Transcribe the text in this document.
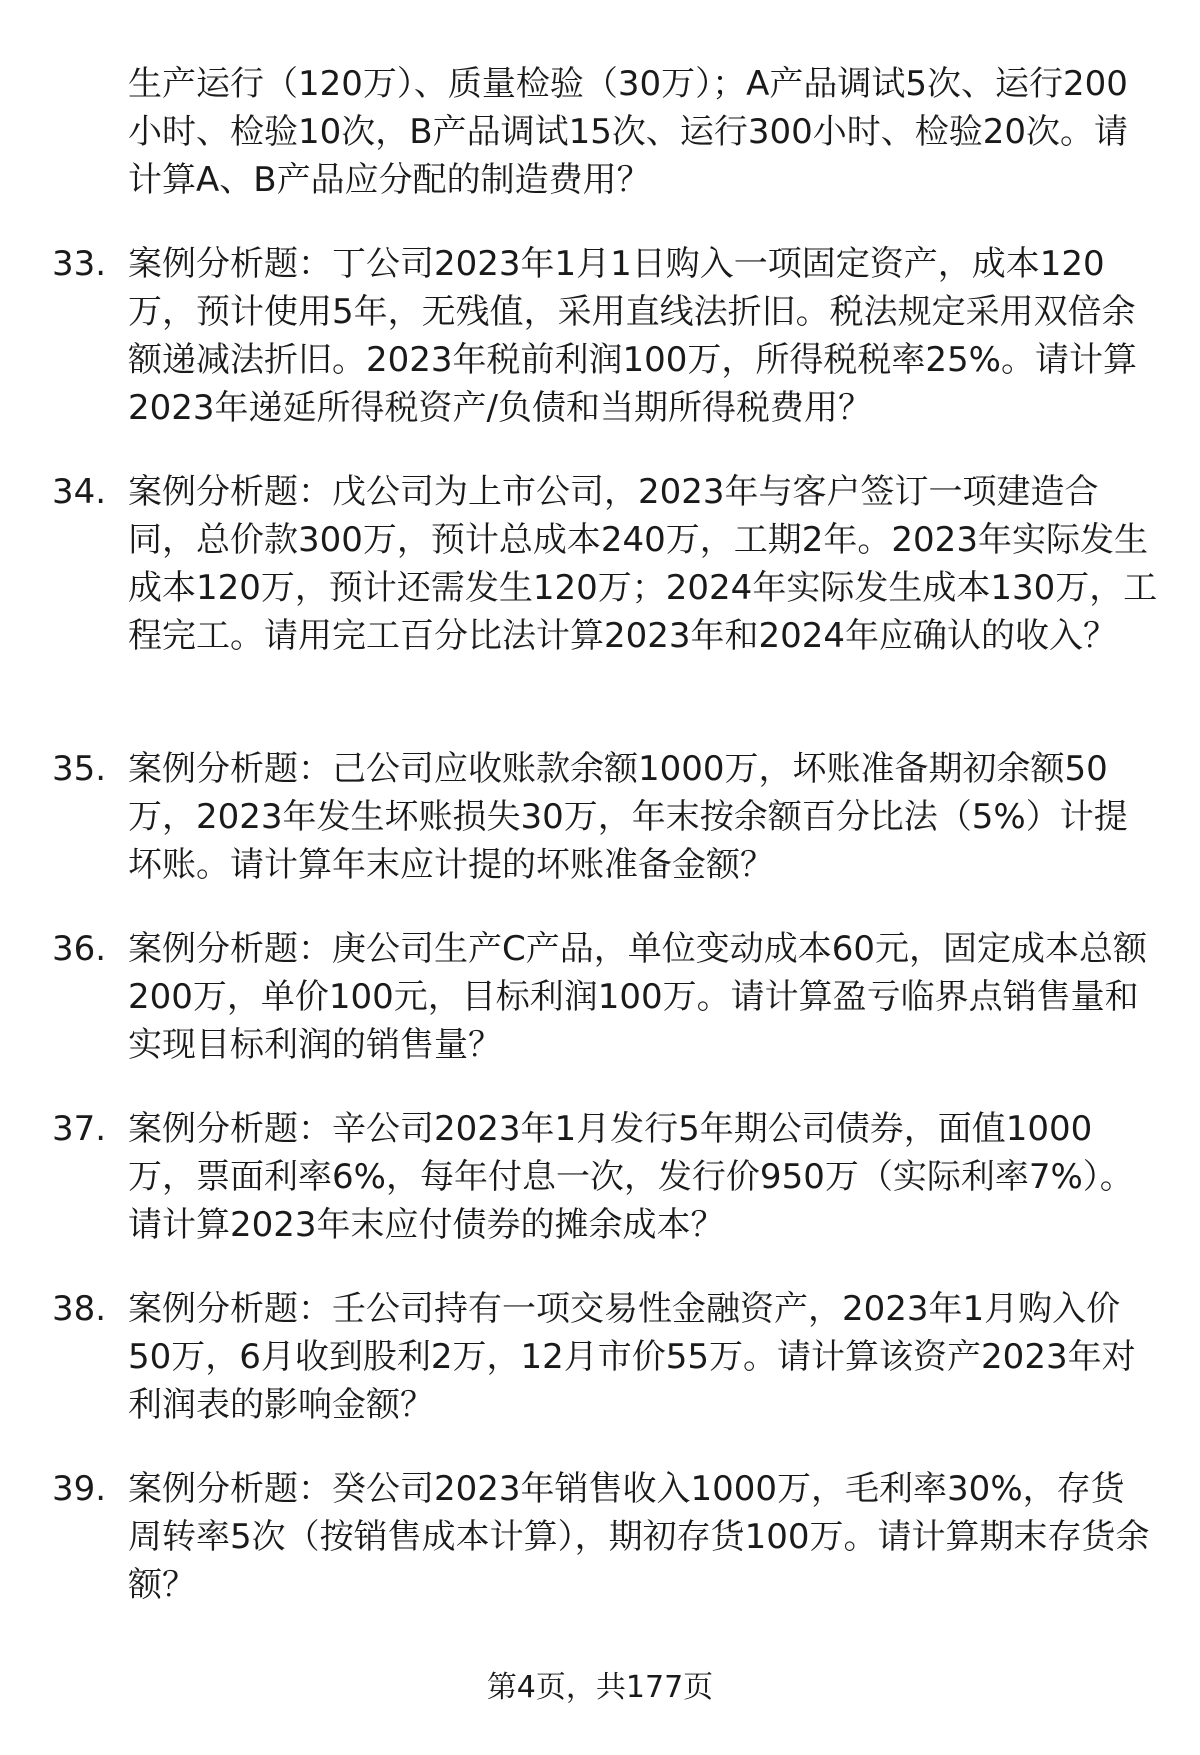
生产运行（120万）、质量检验（30万）；A产品调试5次、运行200小时、检验10次，B产品调试15次、运行300小时、检验20次。请计算A、B产品应分配的制造费用？

33. 案例分析题：丁公司2023年1月1日购入一项固定资产，成本120万，预计使用5年，无残值，采用直线法折旧。税法规定采用双倍余额递减法折旧。2023年税前利润100万，所得税税率25%。请计算2023年递延所得税资产/负债和当期所得税费用？
34. 案例分析题：戊公司为上市公司，2023年与客户签订一项建造合同，总价款300万，预计总成本240万，工期2年。2023年实际发生成本120万，预计还需发生120万；2024年实际发生成本130万，工程完工。请用完工百分比法计算2023年和2024年应确认的收入？
35. 案例分析题：己公司应收账款余额1000万，坏账准备期初余额50万，2023年发生坏账损失30万，年末按余额百分比法（5%）计提坏账。请计算年末应计提的坏账准备金额？
36. 案例分析题：庚公司生产C产品，单位变动成本60元，固定成本总额200万，单价100元，目标利润100万。请计算盈亏临界点销售量和实现目标利润的销售量？
37. 案例分析题：辛公司2023年1月发行5年期公司债券，面值1000万，票面利率6%，每年付息一次，发行价950万（实际利率7%）。请计算2023年末应付债券的摊余成本？
38. 案例分析题：壬公司持有一项交易性金融资产，2023年1月购入价50万，6月收到股利2万，12月市价55万。请计算该资产2023年对利润表的影响金额？
39. 案例分析题：癸公司2023年销售收入1000万，毛利率30%，存货周转率5次（按销售成本计算），期初存货100万。请计算期末存货余额？
第4页，共177页
